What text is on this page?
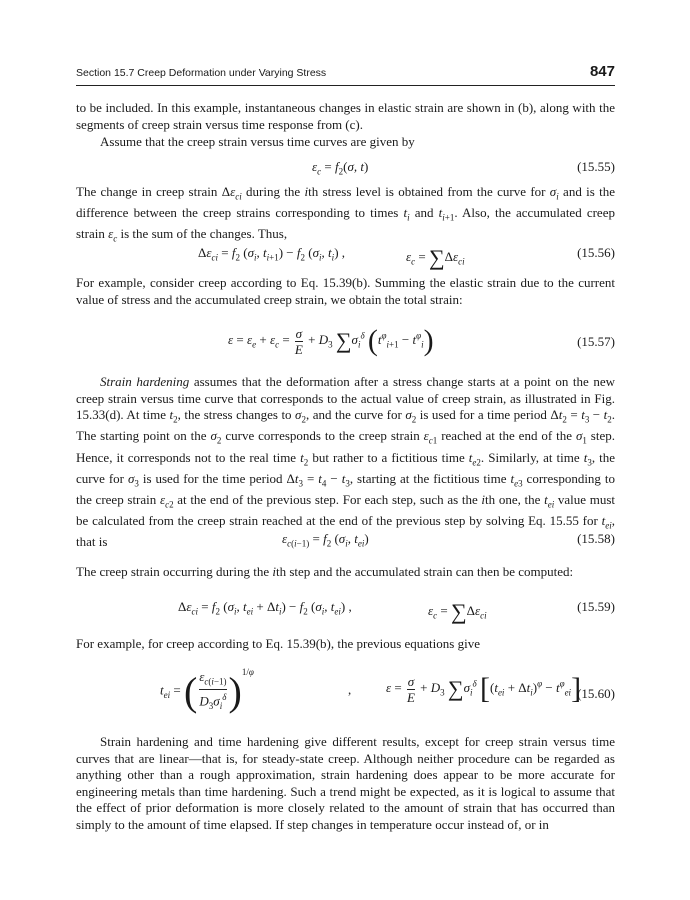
Section 15.7 Creep Deformation under Varying Stress	847

to be included. In this example, instantaneous changes in elastic strain are shown in (b), along with the segments of creep strain versus time response from (c).

Assume that the creep strain versus time curves are given by

$\varepsilon_c = f_2(\sigma$, t)	(15.55)

The change in creep strain $\Delta\varepsilon_{ci}$ during the ith stress level is obtained from the curve for $\sigma_i$ and is the difference between the creep strains corresponding to times $t_i$ and $t_{i+1}$. Also, the accumulated creep strain $\varepsilon_c$ is the sum of the changes. Thus,

$\Delta\varepsilon_{ci} = f_2$ ($\sigma_i$, $t_{i+1}) - f_2$ ($\sigma_i$, $t_i$) ,	$\varepsilon_c = \sum\Delta\varepsilon_{ci}$
(15.56)

For example, consider creep according to Eq. 15.39(b). Summing the elastic strain due to the current value of stress and the accumulated creep strain, we obtain the total strain:

$\varepsilon = \varepsilon_e + \varepsilon_c = \frac{\sigma}{E} + D_3$ $\sum\sigma_i^\delta$ $(t^\varphi_{i+1} - t^\varphi_i)$	(15.57)

Strain hardening assumes that the deformation after a stress change starts at a point on the new creep strain versus time curve that corresponds to the actual value of creep strain, as illustrated in Fig. 15.33(d). At time $t_2$, the stress changes to $\sigma_2$, and the curve for $\sigma_2$ is used for a time period $\Delta t_2 = t_3 - t_2$. The starting point on the $\sigma_2$ curve corresponds to the creep strain $\varepsilon_{c1}$ reached at the end of the $\sigma_1$ step. Hence, it corresponds not to the real time $t_2$ but rather to a fictitious time $t_{e2}$. Similarly, at time $t_3$, the curve for $\sigma_3$ is used for the time period $\Delta t_3 = t_4 - t_3$, starting at the fictitious time $t_{e3}$ corresponding to the creep strain $\varepsilon_{c2}$ at the end of the previous step. For each step, such as the ith one, the $t_{ei}$ value must be calculated from the creep strain reached at the end of the previous step by solving Eq. 15.55 for $t_{ei}$, that is	$\varepsilon_{c(i-1)} = f_2$ ($\sigma_i$, $t_{ei}$)	(15.58)

The creep strain occurring during the ith step and the accumulated strain can then be computed:

$\Delta\varepsilon_{ci} = f_2$ ($\sigma_i$, $t_{ei} + \Delta t_i) - f_2$ ($\sigma_i$, $t_{ei}$) ,	$\varepsilon_c = \sum\Delta\varepsilon_{ci}$
(15.59)

For example, for creep according to Eq. 15.39(b), the previous equations give

$t_{ei}$ = ( $\frac{\varepsilon_{c(i-1)}}{D_3\sigma_i^\delta} )^{1/\varphi}$
,	$\varepsilon = \frac{\sigma}{E} + D_3$ $\sum\sigma_i^\delta$ $[(t_{ei} + \Delta t_i)^\varphi - t^\varphi_{ei}]$
(15.60)

Strain hardening and time hardening give different results, except for creep strain versus time curves that are linear—that is, for steady-state creep. Although neither procedure can be regarded as anything other than a rough approximation, strain hardening does appear to be more accurate for engineering metals than time hardening. Such a trend might be expected, as it is logical to assume that the effect of prior deformation is more closely related to the amount of strain that has occurred than simply to the amount of time elapsed. If step changes in temperature occur instead of, or in
